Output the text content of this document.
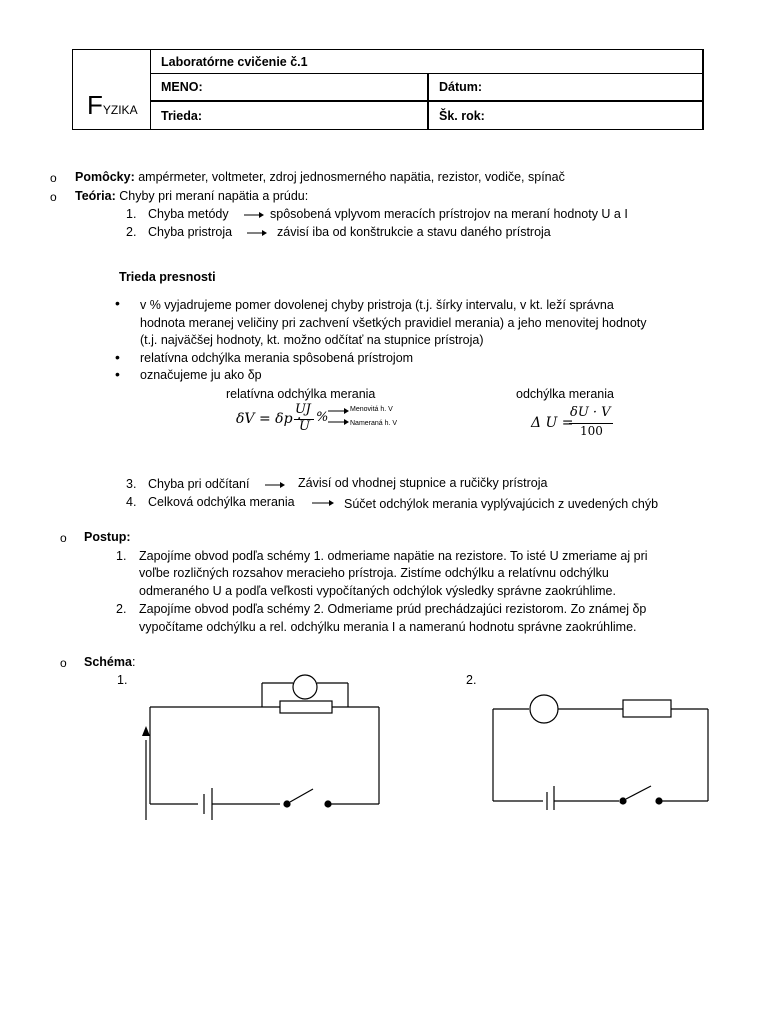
FYZIKA
Laboratórne cvičenie č.1
MENO:	Dátum:
Trieda:	Šk. rok:
o Pomôcky: ampérmeter, voltmeter, zdroj jednosmerného napätia, rezistor, vodiče, spínač
o Teória: Chyby pri meraní napätia a prúdu:
1. Chyba metódy	spôsobená vplyvom meracích prístrojov na meraní hodnoty U a I
2. Chyba pristroja	závisí iba od konštrukcie a stavu daného prístroja
Trieda presnosti
• v % vyjadrujeme pomer dovolenej chyby pristroja (t.j. šírky intervalu, v kt. leží správna
hodnota meranej veličiny pri zachvení všetkých pravidiel merania) a jeho menovitej hodnoty
(t.j. najväčšej hodnoty, kt. možno odčítať na stupnice prístroja)
• relatívna odchýlka merania spôsobená prístrojom
• označujeme ju ako δp
relatívna odchýlka merania	odchýlka merania
δV = δp ·
UJ
U
%
Menovitá h. V
Nameraná h. V	Δ U =
δU · V
100
3. Chyba pri odčítaní	Závisí od vhodnej stupnice a ručičky prístroja
4. Celková odchýlka merania	Súčet odchýlok merania vyplývajúcich z uvedených chýb
o Postup:
1. Zapojíme obvod podľa schémy 1. odmeriame napätie na rezistore. To isté U zmeriame aj pri
voľbe rozličných rozsahov meracieho prístroja. Zistíme odchýlku a relatívnu odchýlku
odmeraného U a podľa veľkosti vypočítaných odchýlok výsledky správne zaokrúhlime.
2. Zapojíme obvod podľa schémy 2. Odmeriame prúd prechádzajúci rezistorom. Zo známej δp
vypočítame odchýlku a rel. odchýlku merania I a nameranú hodnotu správne zaokrúhlime.
o Schéma:
1.	2.
